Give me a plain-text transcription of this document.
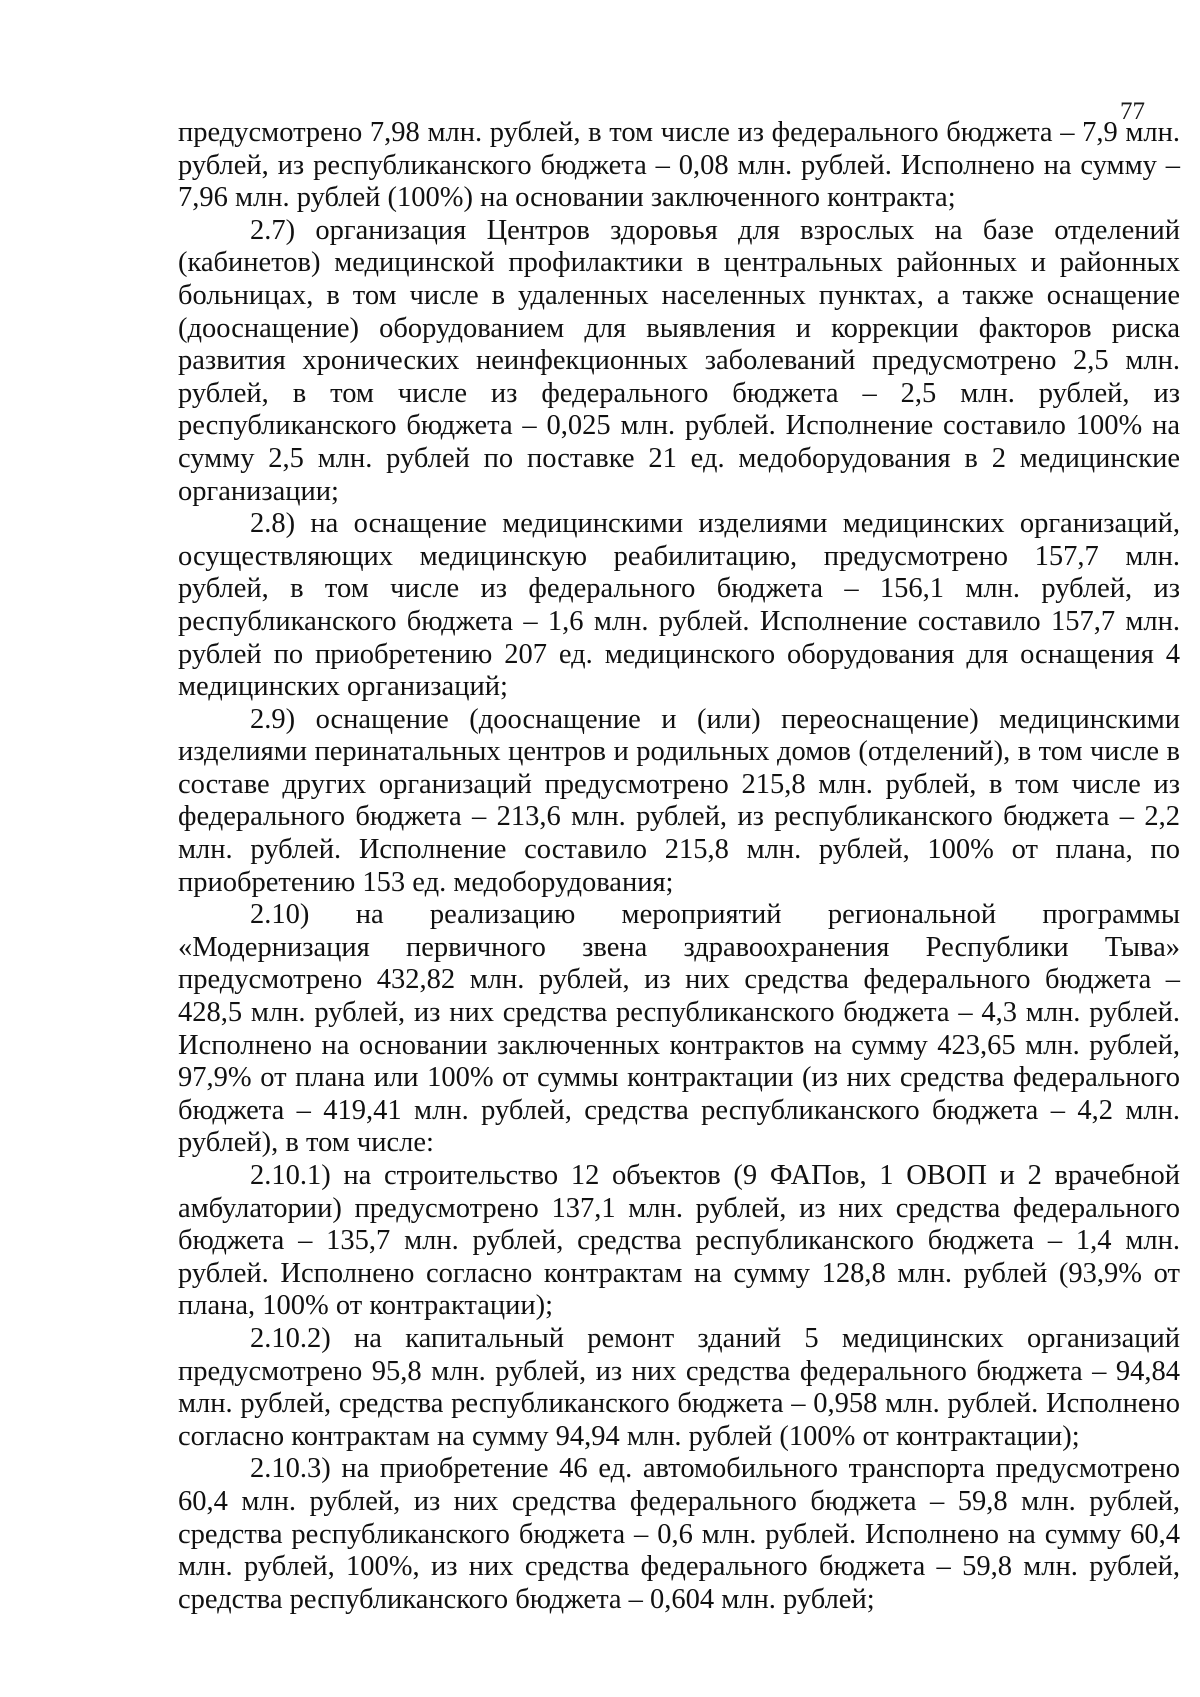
77

предусмотрено 7,98 млн. рублей, в том числе из федерального бюджета – 7,9 млн. рублей, из республиканского бюджета – 0,08 млн. рублей. Исполнено на сумму – 7,96 млн. рублей (100%) на основании заключенного контракта;

2.7) организация Центров здоровья для взрослых на базе отделений (кабинетов) медицинской профилактики в центральных районных и районных больницах, в том числе в удаленных населенных пунктах, а также оснащение (дооснащение) оборудованием для выявления и коррекции факторов риска развития хронических неинфекционных заболеваний предусмотрено 2,5 млн. рублей, в том числе из федерального бюджета – 2,5 млн. рублей, из республиканского бюджета – 0,025 млн. рублей. Исполнение составило 100% на сумму 2,5 млн. рублей по поставке 21 ед. медоборудования в 2 медицинские организации;

2.8) на оснащение медицинскими изделиями медицинских организаций, осуществляющих медицинскую реабилитацию, предусмотрено 157,7 млн. рублей, в том числе из федерального бюджета – 156,1 млн. рублей, из республиканского бюджета – 1,6 млн. рублей. Исполнение составило 157,7 млн. рублей по приобретению 207 ед. медицинского оборудования для оснащения 4 медицинских организаций;

2.9) оснащение (дооснащение и (или) переоснащение) медицинскими изделиями перинатальных центров и родильных домов (отделений), в том числе в составе других организаций предусмотрено 215,8 млн. рублей, в том числе из федерального бюджета – 213,6 млн. рублей, из республиканского бюджета – 2,2 млн. рублей. Исполнение составило 215,8 млн. рублей, 100% от плана, по приобретению 153 ед. медоборудования;

2.10) на реализацию мероприятий региональной программы «Модернизация первичного звена здравоохранения Республики Тыва» предусмотрено 432,82 млн. рублей, из них средства федерального бюджета – 428,5 млн. рублей, из них средства республиканского бюджета – 4,3 млн. рублей. Исполнено на основании заключенных контрактов на сумму 423,65 млн. рублей, 97,9% от плана или 100% от суммы контрактации (из них средства федерального бюджета – 419,41 млн. рублей, средства республиканского бюджета – 4,2 млн. рублей), в том числе:

2.10.1) на строительство 12 объектов (9 ФАПов, 1 ОВОП и 2 врачебной амбулатории) предусмотрено 137,1 млн. рублей, из них средства федерального бюджета – 135,7 млн. рублей, средства республиканского бюджета – 1,4 млн. рублей. Исполнено согласно контрактам на сумму 128,8 млн. рублей (93,9% от плана, 100% от контрактации);

2.10.2) на капитальный ремонт зданий 5 медицинских организаций предусмотрено 95,8 млн. рублей, из них средства федерального бюджета – 94,84 млн. рублей, средства республиканского бюджета – 0,958 млн. рублей. Исполнено согласно контрактам на сумму 94,94 млн. рублей (100% от контрактации);

2.10.3) на приобретение 46 ед. автомобильного транспорта предусмотрено 60,4 млн. рублей, из них средства федерального бюджета – 59,8 млн. рублей, средства республиканского бюджета – 0,6 млн. рублей. Исполнено на сумму 60,4 млн. рублей, 100%, из них средства федерального бюджета – 59,8 млн. рублей, средства республиканского бюджета – 0,604 млн. рублей;
